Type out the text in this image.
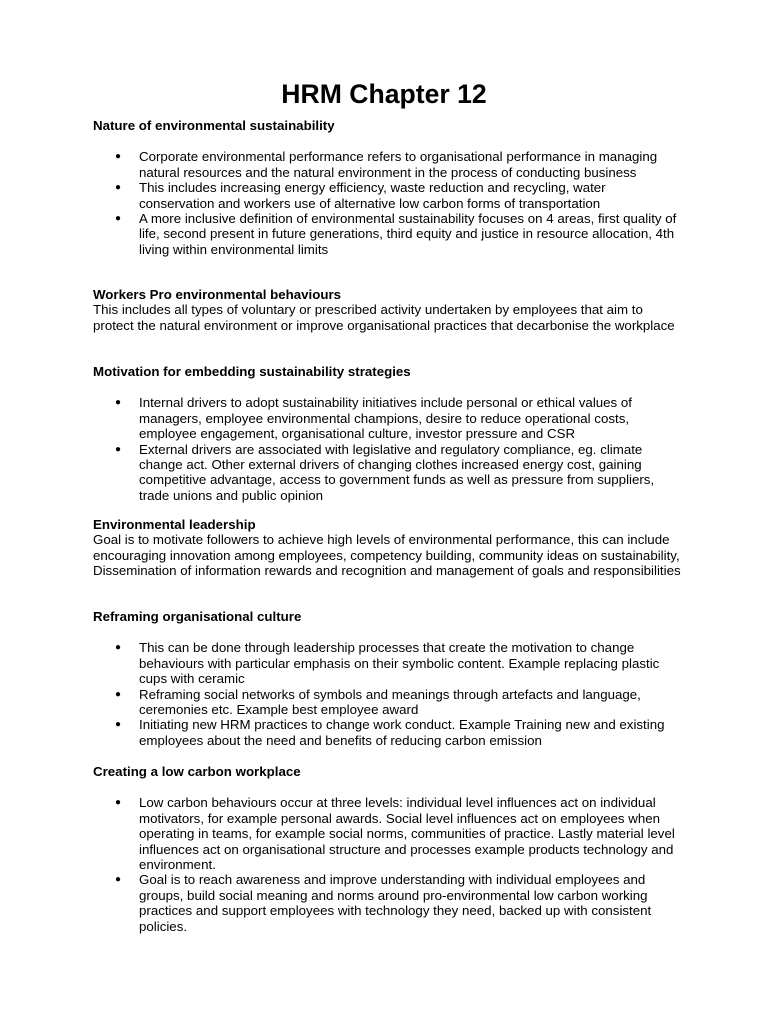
HRM Chapter 12

Nature of environmental sustainability

● Corporate environmental performance refers to organisational performance in managing natural resources and the natural environment in the process of conducting business
● This includes increasing energy efficiency, waste reduction and recycling, water conservation and workers use of alternative low carbon forms of transportation
● A more inclusive definition of environmental sustainability focuses on 4 areas, first quality of life, second present in future generations, third equity and justice in resource allocation, 4th living within environmental limits

Workers Pro environmental behaviours

This includes all types of voluntary or prescribed activity undertaken by employees that aim to protect the natural environment or improve organisational practices that decarbonise the workplace

Motivation for embedding sustainability strategies

● Internal drivers to adopt sustainability initiatives include personal or ethical values of managers, employee environmental champions, desire to reduce operational costs, employee engagement, organisational culture, investor pressure and CSR
● External drivers are associated with legislative and regulatory compliance, eg. climate change act. Other external drivers of changing clothes increased energy cost, gaining competitive advantage, access to government funds as well as pressure from suppliers, trade unions and public opinion

Environmental leadership

Goal is to motivate followers to achieve high levels of environmental performance, this can include encouraging innovation among employees, competency building, community ideas on sustainability, Dissemination of information rewards and recognition and management of goals and responsibilities

Reframing organisational culture

● This can be done through leadership processes that create the motivation to change behaviours with particular emphasis on their symbolic content. Example replacing plastic cups with ceramic
● Reframing social networks of symbols and meanings through artefacts and language, ceremonies etc. Example best employee award
● Initiating new HRM practices to change work conduct. Example Training new and existing employees about the need and benefits of reducing carbon emission

Creating a low carbon workplace

● Low carbon behaviours occur at three levels: individual level influences act on individual motivators, for example personal awards. Social level influences act on employees when operating in teams, for example social norms, communities of practice. Lastly material level influences act on organisational structure and processes example products technology and environment.
● Goal is to reach awareness and improve understanding with individual employees and groups, build social meaning and norms around pro-environmental low carbon working practices and support employees with technology they need, backed up with consistent policies.
